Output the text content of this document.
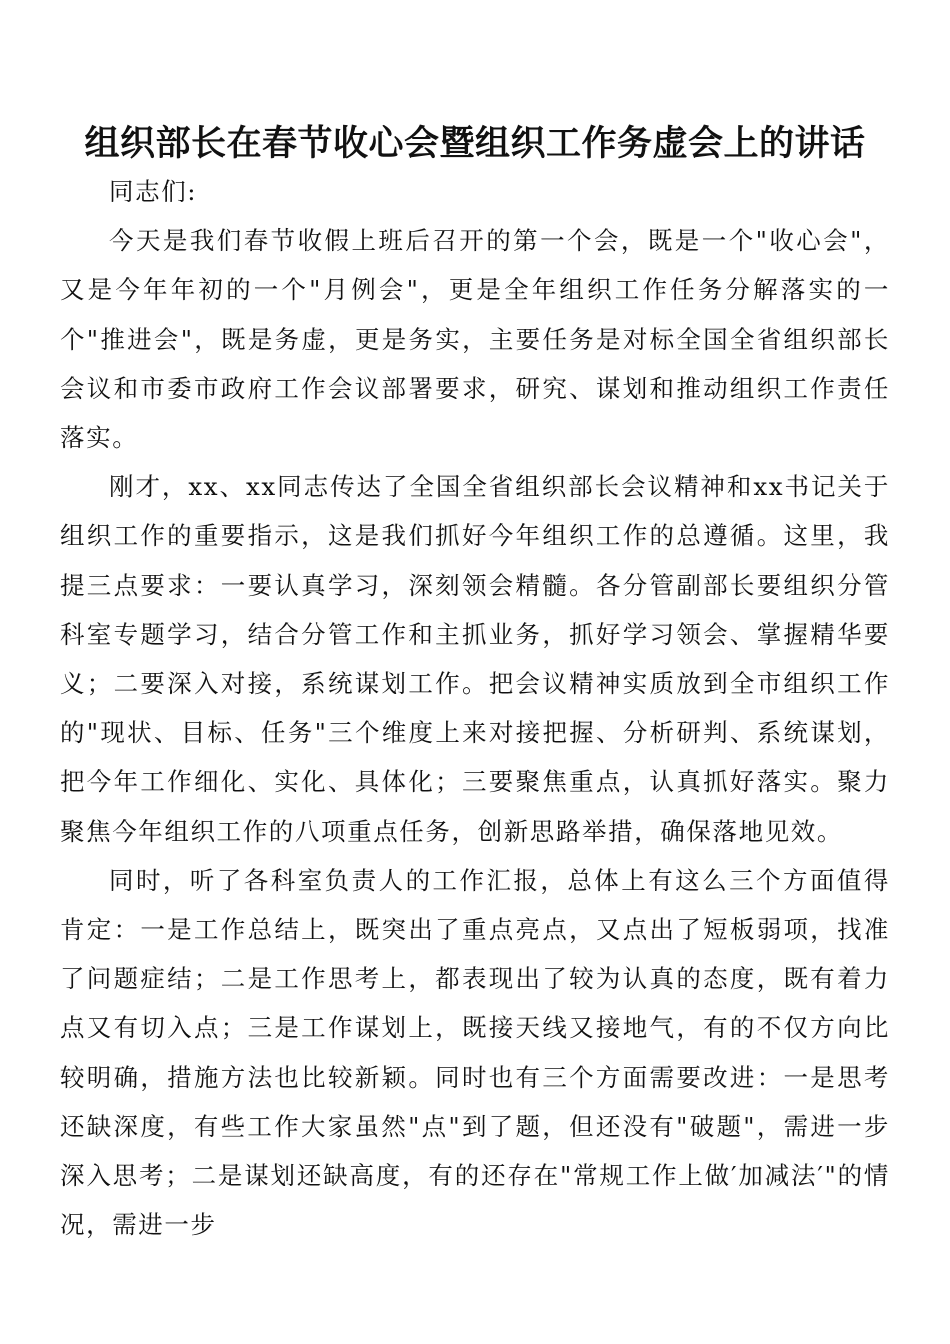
组织部长在春节收心会暨组织工作务虚会上的讲话

同志们:

今天是我们春节收假上班后召开的第一个会，既是一个"收心会"，又是今年年初的一个"月例会"，更是全年组织工作任务分解落实的一个"推进会"，既是务虚，更是务实，主要任务是对标全国全省组织部长会议和市委市政府工作会议部署要求，研究、谋划和推动组织工作责任落实。

刚才，xx、xx同志传达了全国全省组织部长会议精神和xx书记关于组织工作的重要指示，这是我们抓好今年组织工作的总遵循。这里，我提三点要求：一要认真学习，深刻领会精髓。各分管副部长要组织分管科室专题学习，结合分管工作和主抓业务，抓好学习领会、掌握精华要义；二要深入对接，系统谋划工作。把会议精神实质放到全市组织工作的"现状、目标、任务"三个维度上来对接把握、分析研判、系统谋划，把今年工作细化、实化、具体化；三要聚焦重点，认真抓好落实。聚力聚焦今年组织工作的八项重点任务，创新思路举措，确保落地见效。

同时，听了各科室负责人的工作汇报，总体上有这么三个方面值得肯定：一是工作总结上，既突出了重点亮点，又点出了短板弱项，找准了问题症结；二是工作思考上，都表现出了较为认真的态度，既有着力点又有切入点；三是工作谋划上，既接天线又接地气，有的不仅方向比较明确，措施方法也比较新颖。同时也有三个方面需要改进：一是思考还缺深度，有些工作大家虽然"点"到了题，但还没有"破题"，需进一步深入思考；二是谋划还缺高度，有的还存在"常规工作上做′加减法′"的情况，需进一步
